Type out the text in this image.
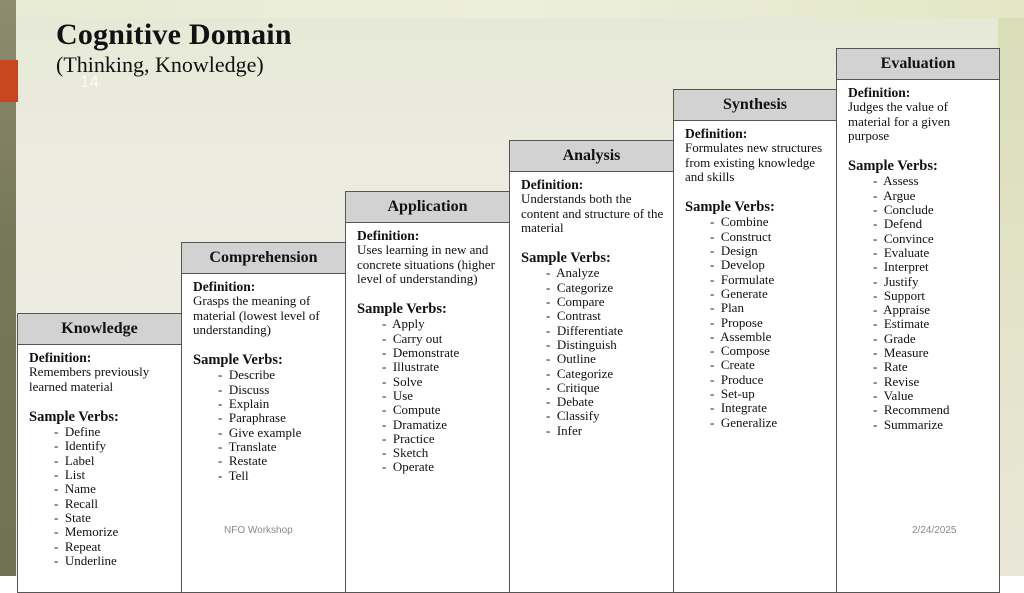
Cognitive Domain
(Thinking, Knowledge)
14
Knowledge
Definition:
Remembers previously learned material
Sample Verbs:
- Define
- Identify
- Label
- List
- Name
- Recall
- State
- Memorize
- Repeat
- Underline
Comprehension
Definition:
Grasps the meaning of material (lowest level of understanding)
Sample Verbs:
- Describe
- Discuss
- Explain
- Paraphrase
- Give example
- Translate
- Restate
- Tell
Application
Definition:
Uses learning in new and concrete situations (higher level of understanding)
Sample Verbs:
- Apply
- Carry out
- Demonstrate
- Illustrate
- Solve
- Use
- Compute
- Dramatize
- Practice
- Sketch
- Operate
Analysis
Definition:
Understands both the content and structure of the material
Sample Verbs:
- Analyze
- Categorize
- Compare
- Contrast
- Differentiate
- Distinguish
- Outline
- Categorize
- Critique
- Debate
- Classify
- Infer
Synthesis
Definition:
Formulates new structures from existing knowledge and skills
Sample Verbs:
- Combine
- Construct
- Design
- Develop
- Formulate
- Generate
- Plan
- Propose
- Assemble
- Compose
- Create
- Produce
- Set-up
- Integrate
- Generalize
Evaluation
Definition:
Judges the value of material for a given purpose
Sample Verbs:
- Assess
- Argue
- Conclude
- Defend
- Convince
- Evaluate
- Interpret
- Justify
- Support
- Appraise
- Estimate
- Grade
- Measure
- Rate
- Revise
- Value
- Recommend
- Summarize
NFO Workshop	2/24/2025
